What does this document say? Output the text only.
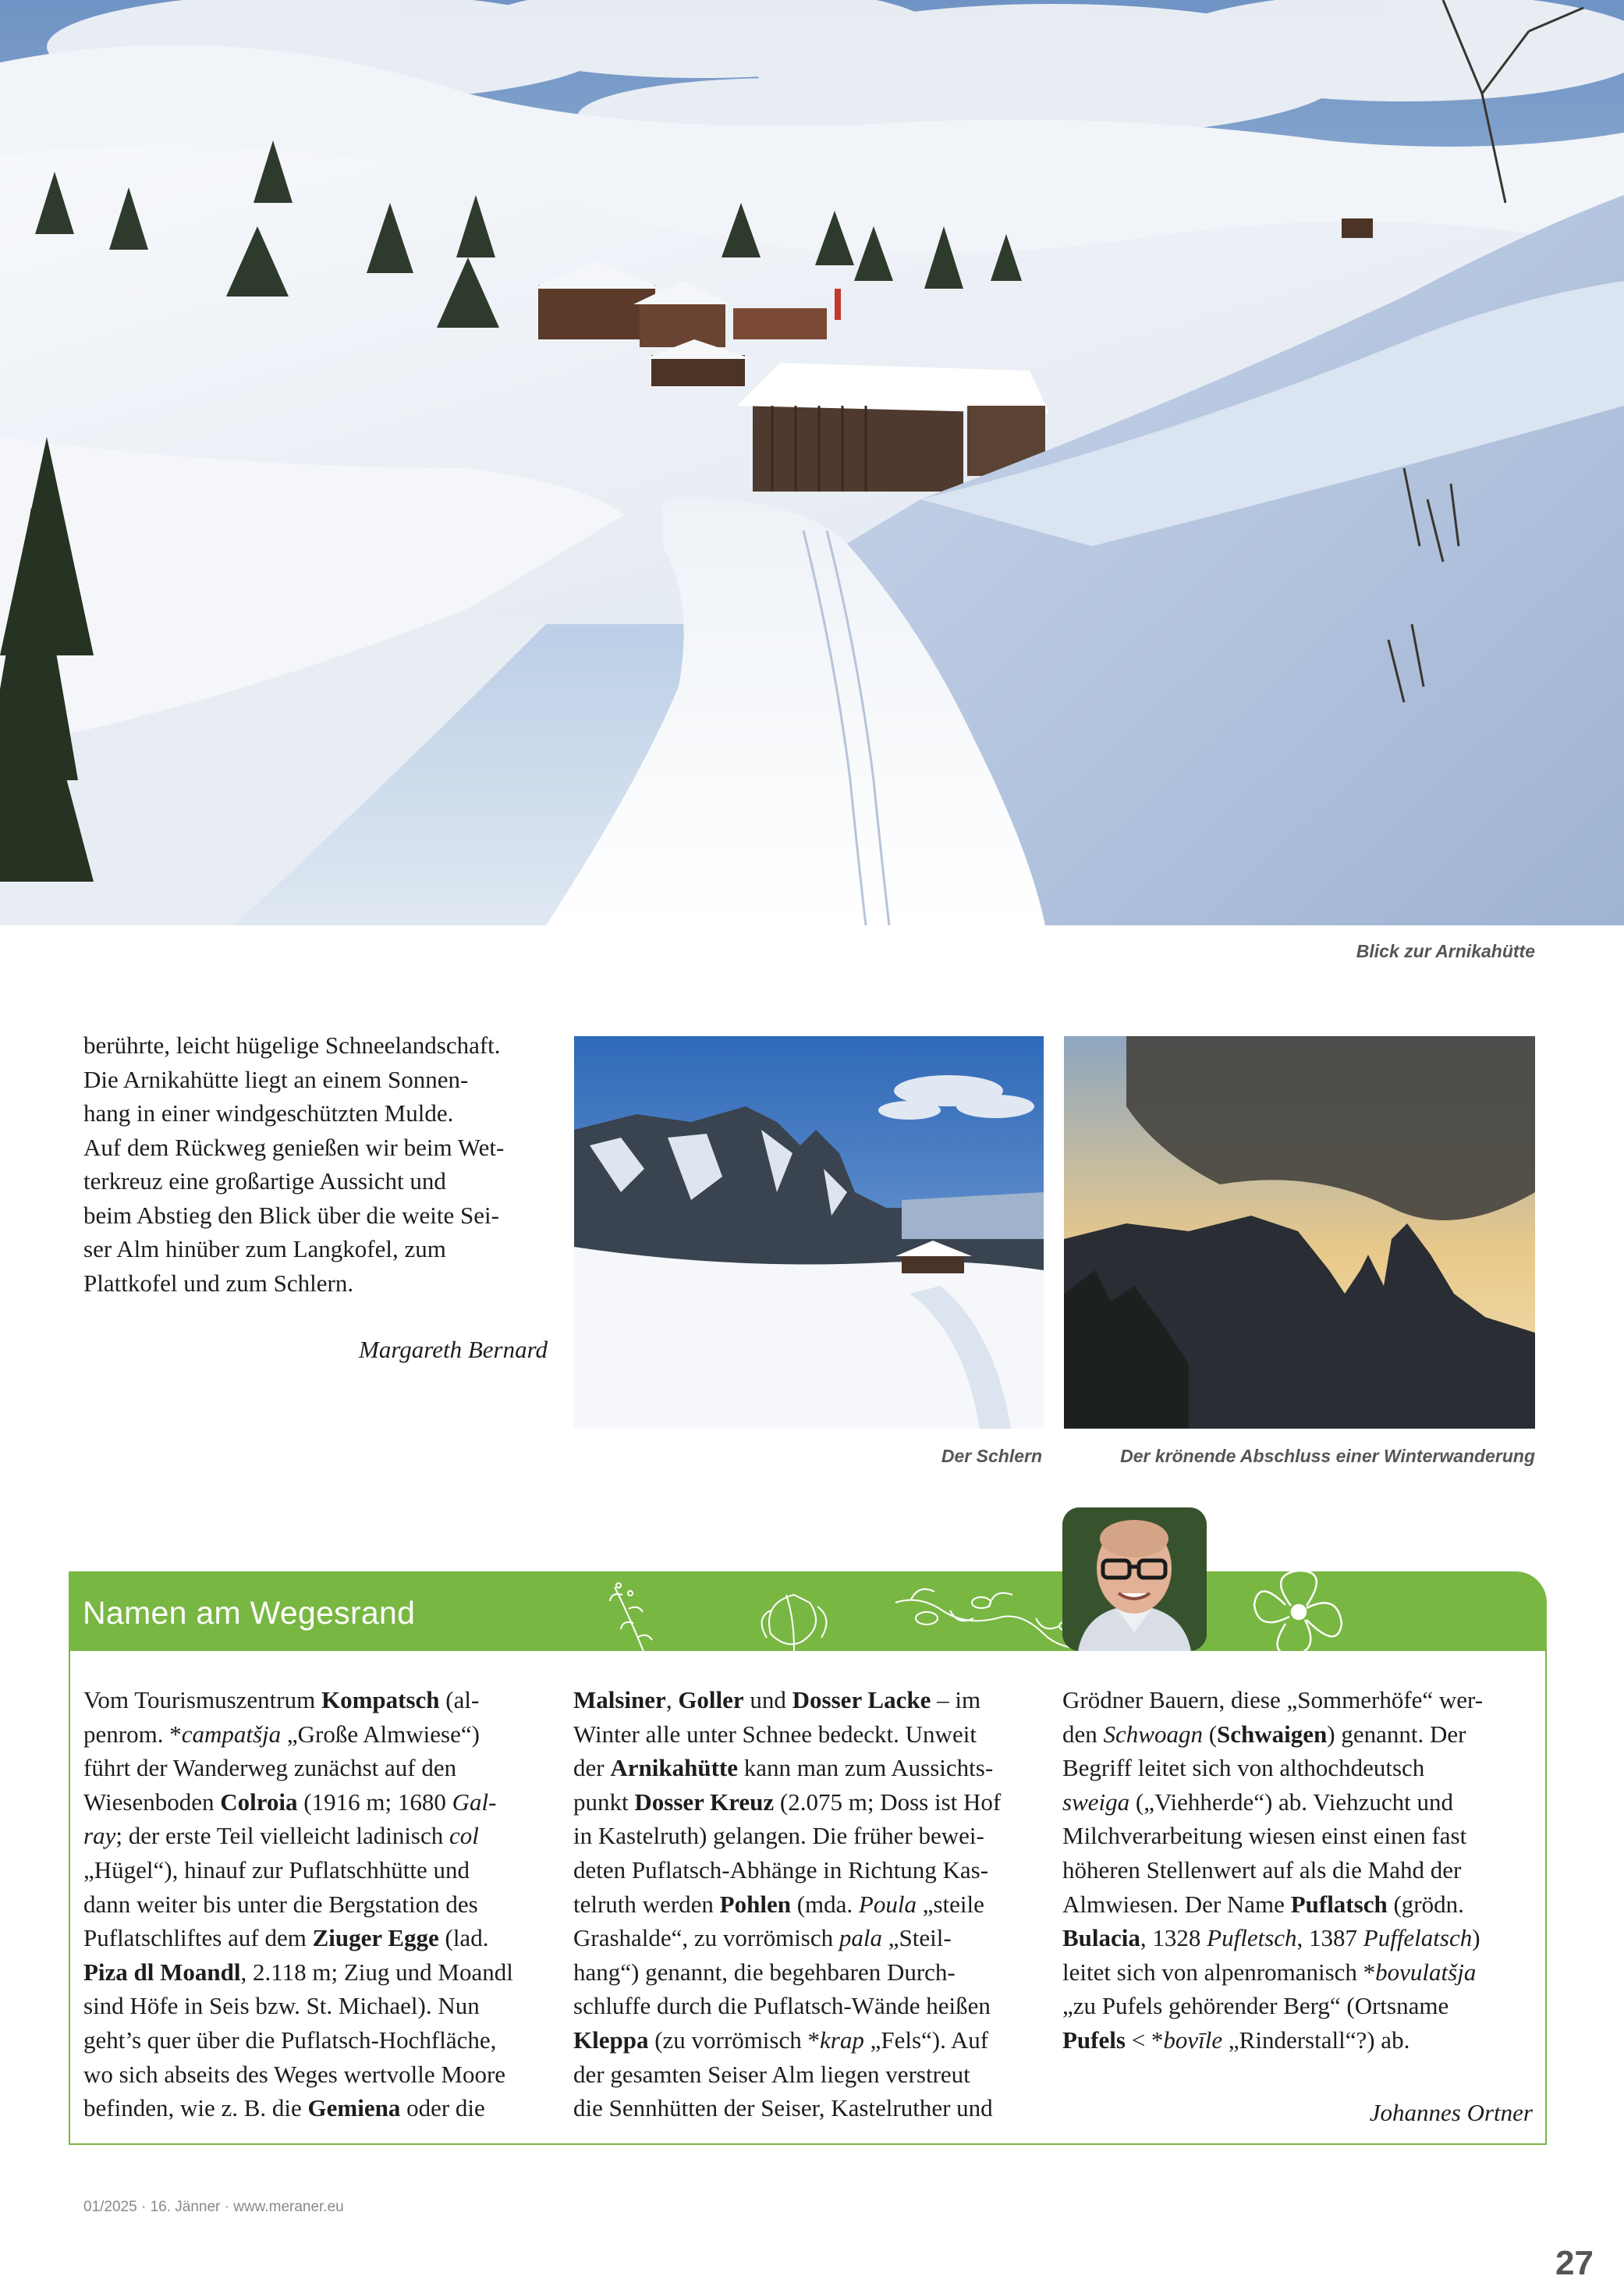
Blick zur Arnikahütte
berührte, leicht hügelige Schneelandschaft.
Die Arnikahütte liegt an einem Sonnen-
hang in einer windgeschützten Mulde.
Auf dem Rückweg genießen wir beim Wet-
terkreuz eine großartige Aussicht und
beim Abstieg den Blick über die weite Sei-
ser Alm hinüber zum Langkofel, zum
Plattkofel und zum Schlern.
Margareth Bernard
Der Schlern	Der krönende Abschluss einer Winterwanderung
Namen am Wegesrand
Vom Tourismuszentrum Kompatsch (al-
penrom. *campatšja „Große Almwiese“)
führt der Wanderweg zunächst auf den
Wiesenboden Colroia (1916 m; 1680 Gal-
ray; der erste Teil vielleicht ladinisch col
„Hügel“), hinauf zur Puflatschhütte und
dann weiter bis unter die Bergstation des
Puflatschliftes auf dem Ziuger Egge (lad.
Piza dl Moandl, 2.118 m; Ziug und Moandl
sind Höfe in Seis bzw. St. Michael). Nun
geht’s quer über die Puflatsch-Hochfläche,
wo sich abseits des Weges wertvolle Moore
befinden, wie z. B. die Gemiena oder die
Malsiner, Goller und Dosser Lacke – im
Winter alle unter Schnee bedeckt. Unweit
der Arnikahütte kann man zum Aussichts-
punkt Dosser Kreuz (2.075 m; Doss ist Hof
in Kastelruth) gelangen. Die früher bewei-
deten Puflatsch-Abhänge in Richtung Kas-
telruth werden Pohlen (mda. Poula „steile
Grashalde“, zu vorrömisch pala „Steil-
hang“) genannt, die begehbaren Durch-
schluffe durch die Puflatsch-Wände heißen
Kleppa (zu vorrömisch *krap „Fels“). Auf
der gesamten Seiser Alm liegen verstreut
die Sennhütten der Seiser, Kastelruther und
Grödner Bauern, diese „Sommerhöfe“ wer-
den Schwoagn (Schwaigen) genannt. Der
Begriff leitet sich von althochdeutsch
sweiga („Viehherde“) ab. Viehzucht und
Milchverarbeitung wiesen einst einen fast
höheren Stellenwert auf als die Mahd der
Almwiesen. Der Name Puflatsch (grödn.
Bulacia, 1328 Pufletsch, 1387 Puffelatsch)
leitet sich von alpenromanisch *bovulatšja
„zu Pufels gehörender Berg“ (Ortsname
Pufels < *bovīle „Rinderstall“?) ab.
Johannes Ortner
01/2025 · 16. Jänner · www.meraner.eu
27
